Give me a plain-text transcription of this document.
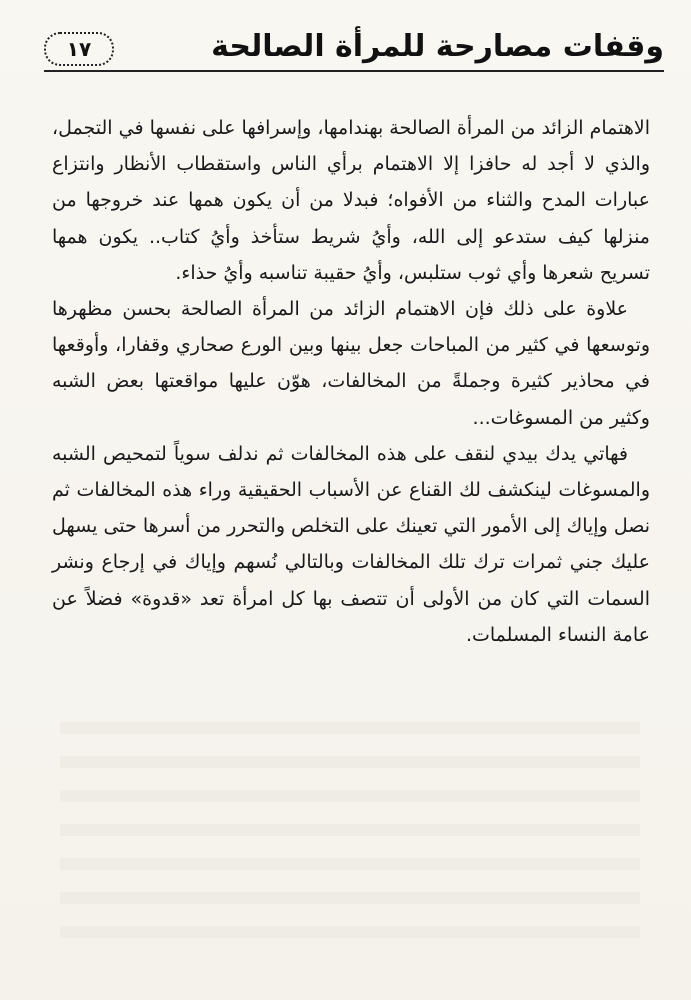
١٧	وقفات مصارحة للمرأة الصالحة

الاهتمام الزائد من المرأة الصالحة بهندامها، وإسرافها على نفسها في التجمل، والذي لا أجد له حافزا إلا الاهتمام برأي الناس واستقطاب الأنظار وانتزاع عبارات المدح والثناء من الأفواه؛ فبدلا من أن يكون همها عند خروجها من منزلها كيف ستدعو إلى الله، وأيُ شريط ستأخذ وأيُ كتاب.. يكون همها تسريح شعرها وأي ثوب ستلبس، وأيُ حقيبة تناسبه وأيُ حذاء.

علاوة على ذلك فإن الاهتمام الزائد من المرأة الصالحة بحسن مظهرها وتوسعها في كثير من المباحات جعل بينها وبين الورع صحاري وقفارا، وأوقعها في محاذير كثيرة وجملةً من المخالفات، هوّن عليها مواقعتها بعض الشبه وكثير من المسوغات...

فهاتي يدك بيدي لنقف على هذه المخالفات ثم ندلف سوياً لتمحيص الشبه والمسوغات لينكشف لك القناع عن الأسباب الحقيقية وراء هذه المخالفات ثم نصل وإياك إلى الأمور التي تعينك على التخلص والتحرر من أسرها حتى يسهل عليك جني ثمرات ترك تلك المخالفات وبالتالي نُسهم وإياك في إرجاع ونشر السمات التي كان من الأولى أن تتصف بها كل امرأة تعد «قدوة» فضلاً عن عامة النساء المسلمات.
